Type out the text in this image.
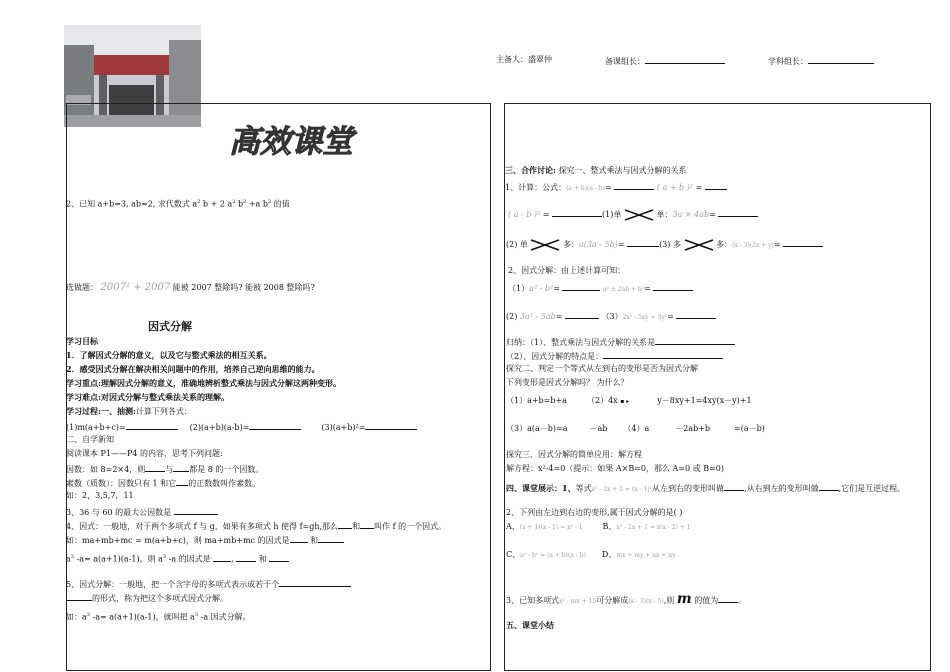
主备人：盛翠仲	备课组长：	学科组长：
高效课堂
2、已知 a+b=3, ab=2, 求代数式 $a^2$ b + 2 $a^2$ $b^2 +a$ $b^2$ 的值
选做题： 2007² + 2007 能被 2007 整除吗? 能被 2008 整除吗?
因式分解
学习目标
1．了解因式分解的意义，以及它与整式乘法的相互关系。
2．感受因式分解在解决相关问题中的作用，培养自己逆向思维的能力。
学习重点:理解因式分解的意义，准确地辨析整式乘法与因式分解这两种变形。
学习难点:对因式分解与整式乘法关系的理解。
学习过程:一、抽测:计算下列各式：
(1)m(a+b+c)=	(2)(a+b)(a-b)=	(3)(a+b)²=
二、自学新知
阅读课本 P1——P4 的内容，思考下列问题:
因数：如 8=2×4，则	与 都是 8 的一个因数。
素数（质数）：因数只有 1 和它 的正数数叫作素数。
如：2，3,5,7，11
3、36 与 60 的最大公因数是
4、因式：一般地，对于两个多项式 f 与 g，如果有多项式 h 使得 f=gh,那么 和 叫作 f 的一个因式。
如：ma+mb+mc = m(a+b+c)，则 ma+mb+mc 的因式是	和
$a^3$ -a= a(a+1)(a-1)，则 $a^3$ -a 的因式是	,	和
5、因式分解：一般地，把一个含字母的多项式表示成若干个
的形式，称为把这个多项式因式分解。
如：$a^3$ -a= a(a+1)(a-1)，就叫把 $a^3$ -a 因式分解。
三、合作讨论: 探究一、整式乘法与因式分解的关系
1、计算：公式：(a + b)(a - b)=	( a + b )² =
( a - b )² =	(1)单	单：3a × 4ab=
(2) 单	多：a(3a - 5b)=	(3) 多	多：(x - 3)(2x + y)=
2、因式分解：由上述计算可知：
（1）a² - b²=	a² ± 2ab + b²=
(2) 3a² - 5ab=	（3）2x² - 5xy + 3y²=
归纳：（1）、整式乘法与因式分解的关系是
（2）、因式分解的特点是：
探究二、判定一个等式从左到右的变形是否为因式分解
下列变形是因式分解吗？ 为什么？
（1）a+b=b+a	（2）4x ▪ ▸	y－8xy+1=4xy(x－y)+1
（3）a(a－b)=a	－ab （4）a	－2ab+b	=(a－b)
探究三、因式分解的简单应用：解方程
解方程：x²-4=0（提示：如果 A×B=0，那么 A=0 或 B=0)
四、课堂展示：1、等式x² - 2x + 1 = (x - 1)²从左到右的变形叫做	,从右到左的变形叫做	,它们是互逆过程。
2、下列由左边到右边的变形,属于因式分解的是( )
A、(x + 1)(x - 1) = x² - 1	B、x² - 2x + 1 = x(x - 2) + 1
C、a² - b² = (a + b)(a - b) D、mx + my + nx + ny
3、已知多项式x² - mx + 15可分解成(x - 3)(x - 5),则 m 的值为	。
五、课堂小结
